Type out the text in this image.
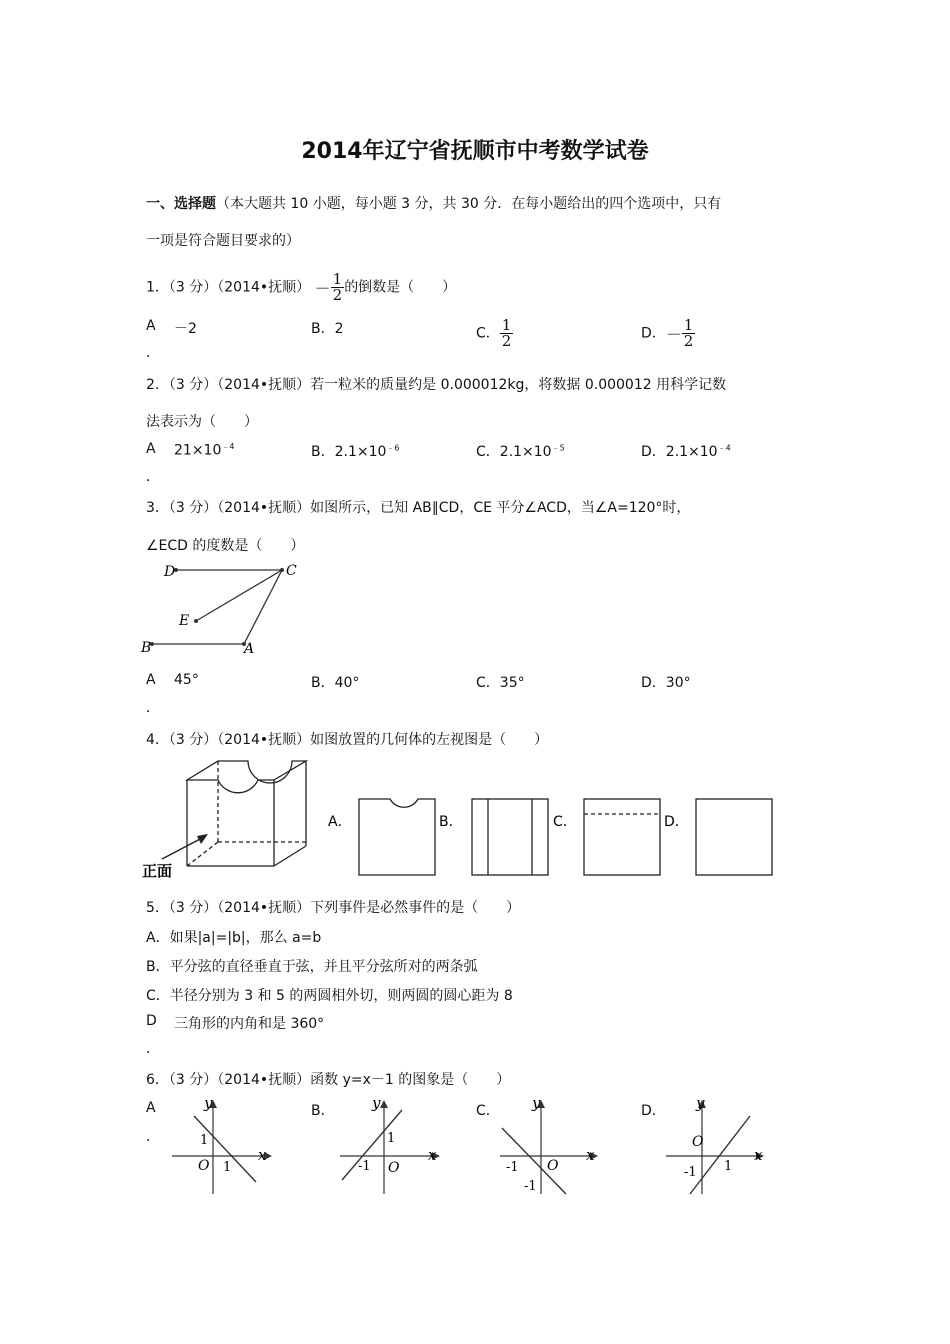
2014年辽宁省抚顺市中考数学试卷
一、选择题（本大题共 10 小题，每小题 3 分，共 30 分．在每小题给出的四个选项中，只有
一项是符合题目要求的）
1．（3 分）（2014•抚顺） － $\frac{1}{2}$ 的倒数是（　　）
A
．
－2	B．2	C． $\frac{1}{2}$	D．－ $\frac{1}{2}$
2．（3 分）（2014•抚顺）若一粒米的质量约是 0.000012kg，将数据 0.000012 用科学记数
法表示为（　　）
A
．
$21\times 10^{﹣4}$	B．$2.1\times 10^{﹣6}$	C．$2.1\times 10^{﹣5}$	D．$2.1\times 10^{﹣4}$
3．（3 分）（2014•抚顺）如图所示，已知 AB∥CD，CE 平分∠ACD，当∠A=120°时，
∠ECD 的度数是（　　）
D	C
E
B	A
A
．
45°	B．40°	C．35°	D．30°
4．（3 分）（2014•抚顺）如图放置的几何体的左视图是（　　）
正面
A．	B．	C．	D．
5．（3 分）（2014•抚顺）下列事件是必然事件的是（　　）
A．如果|a|=|b|，那么 a=b
B．平分弦的直径垂直于弦，并且平分弦所对的两条弧
C．半径分别为 3 和 5 的两圆相外切，则两圆的圆心距为 8
D
．
三角形的内角和是 360°
6．（3 分）（2014•抚顺）函数 y=x－1 的图象是（　　）
A
．
B．	C．	D．
y
x
O
1
1
y
x
O
1
-1
y
x
O
-1
-1
y
x
O
-1 1
